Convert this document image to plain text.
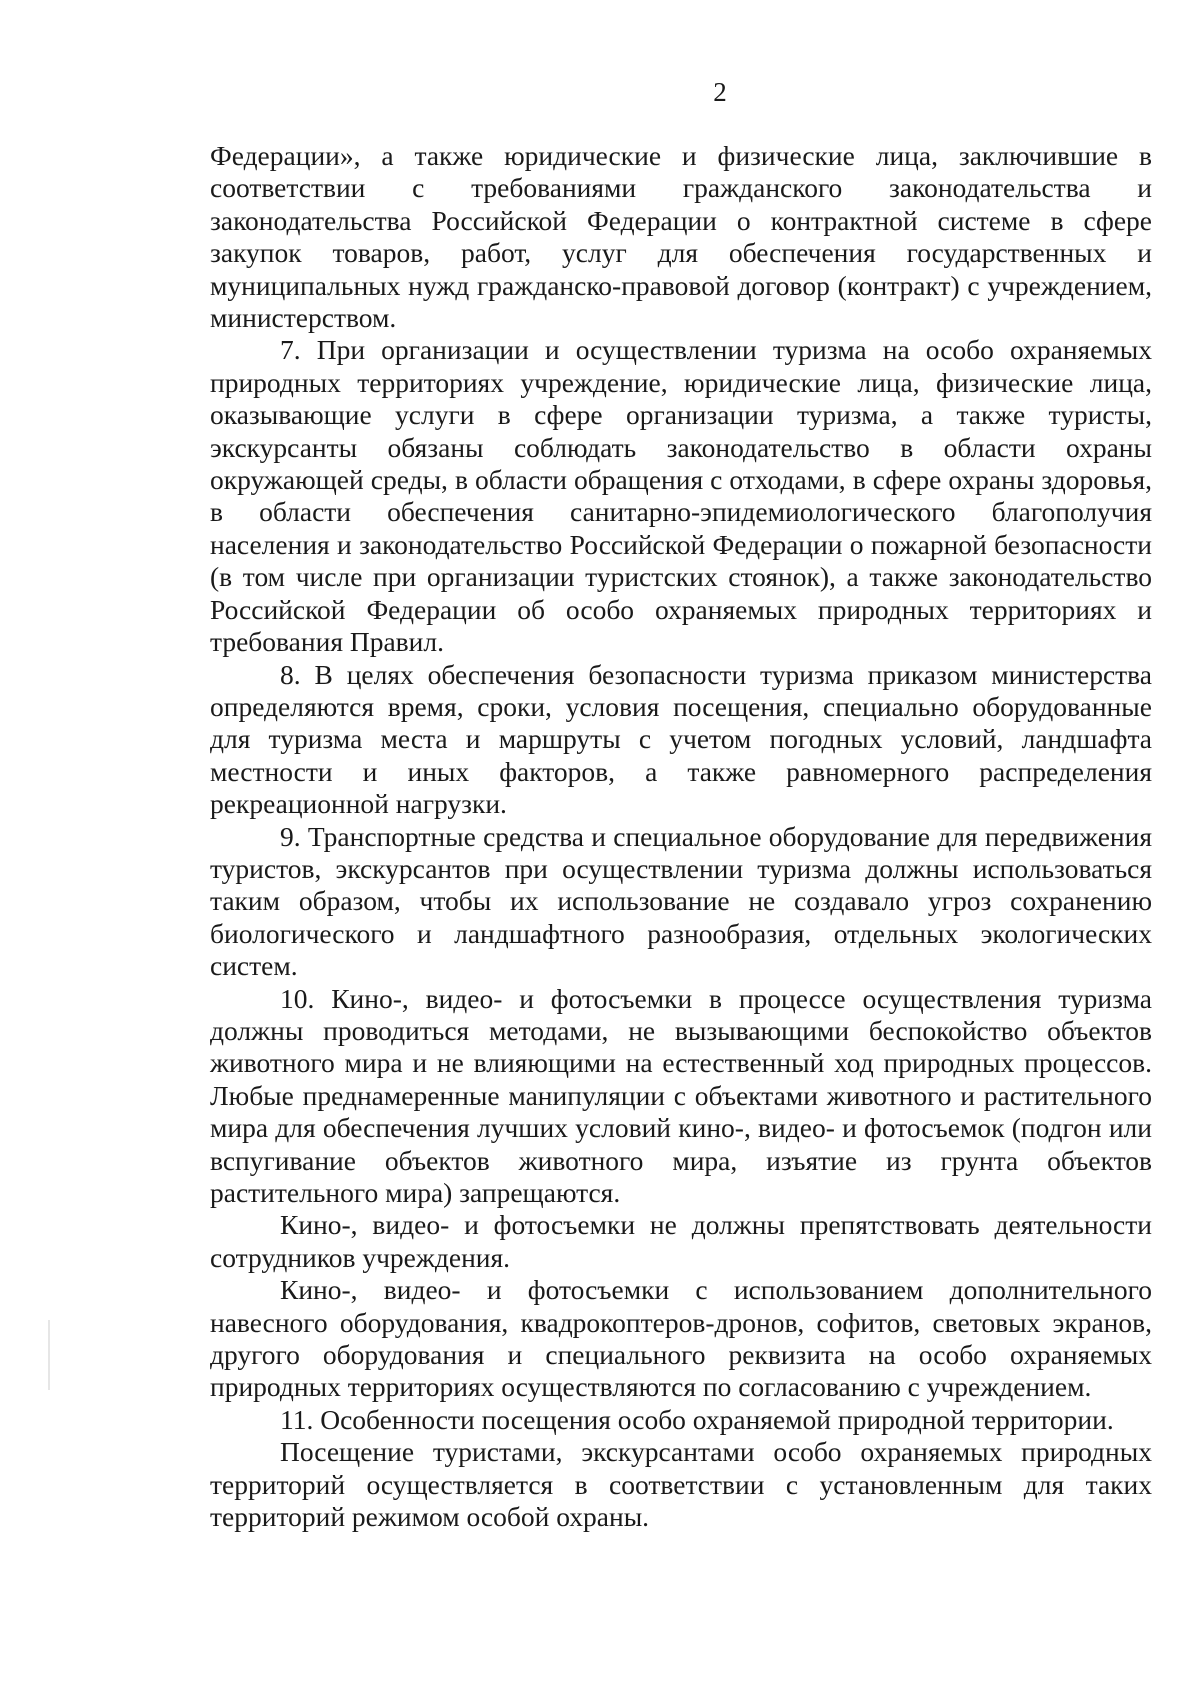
2

Федерации», а также юридические и физические лица, заключившие в соответствии с требованиями гражданского законодательства и законодательства Российской Федерации о контрактной системе в сфере закупок товаров, работ, услуг для обеспечения государственных и муниципальных нужд гражданско-правовой договор (контракт) с учреждением, министерством.

7. При организации и осуществлении туризма на особо охраняемых природных территориях учреждение, юридические лица, физические лица, оказывающие услуги в сфере организации туризма, а также туристы, экскурсанты обязаны соблюдать законодательство в области охраны окружающей среды, в области обращения с отходами, в сфере охраны здоровья, в области обеспечения санитарно-эпидемиологического благополучия населения и законодательство Российской Федерации о пожарной безопасности (в том числе при организации туристских стоянок), а также законодательство Российской Федерации об особо охраняемых природных территориях и требования Правил.

8. В целях обеспечения безопасности туризма приказом министерства определяются время, сроки, условия посещения, специально оборудованные для туризма места и маршруты с учетом погодных условий, ландшафта местности и иных факторов, а также равномерного распределения рекреационной нагрузки.

9. Транспортные средства и специальное оборудование для передвижения туристов, экскурсантов при осуществлении туризма должны использоваться таким образом, чтобы их использование не создавало угроз сохранению биологического и ландшафтного разнообразия, отдельных экологических систем.

10. Кино-, видео- и фотосъемки в процессе осуществления туризма должны проводиться методами, не вызывающими беспокойство объектов животного мира и не влияющими на естественный ход природных процессов. Любые преднамеренные манипуляции с объектами животного и растительного мира для обеспечения лучших условий кино-, видео- и фотосъемок (подгон или вспугивание объектов животного мира, изъятие из грунта объектов растительного мира) запрещаются.

Кино-, видео- и фотосъемки не должны препятствовать деятельности сотрудников учреждения.

Кино-, видео- и фотосъемки с использованием дополнительного навесного оборудования, квадрокоптеров-дронов, софитов, световых экранов, другого оборудования и специального реквизита на особо охраняемых природных территориях осуществляются по согласованию с учреждением.

11. Особенности посещения особо охраняемой природной территории.

Посещение туристами, экскурсантами особо охраняемых природных территорий осуществляется в соответствии с установленным для таких территорий режимом особой охраны.
